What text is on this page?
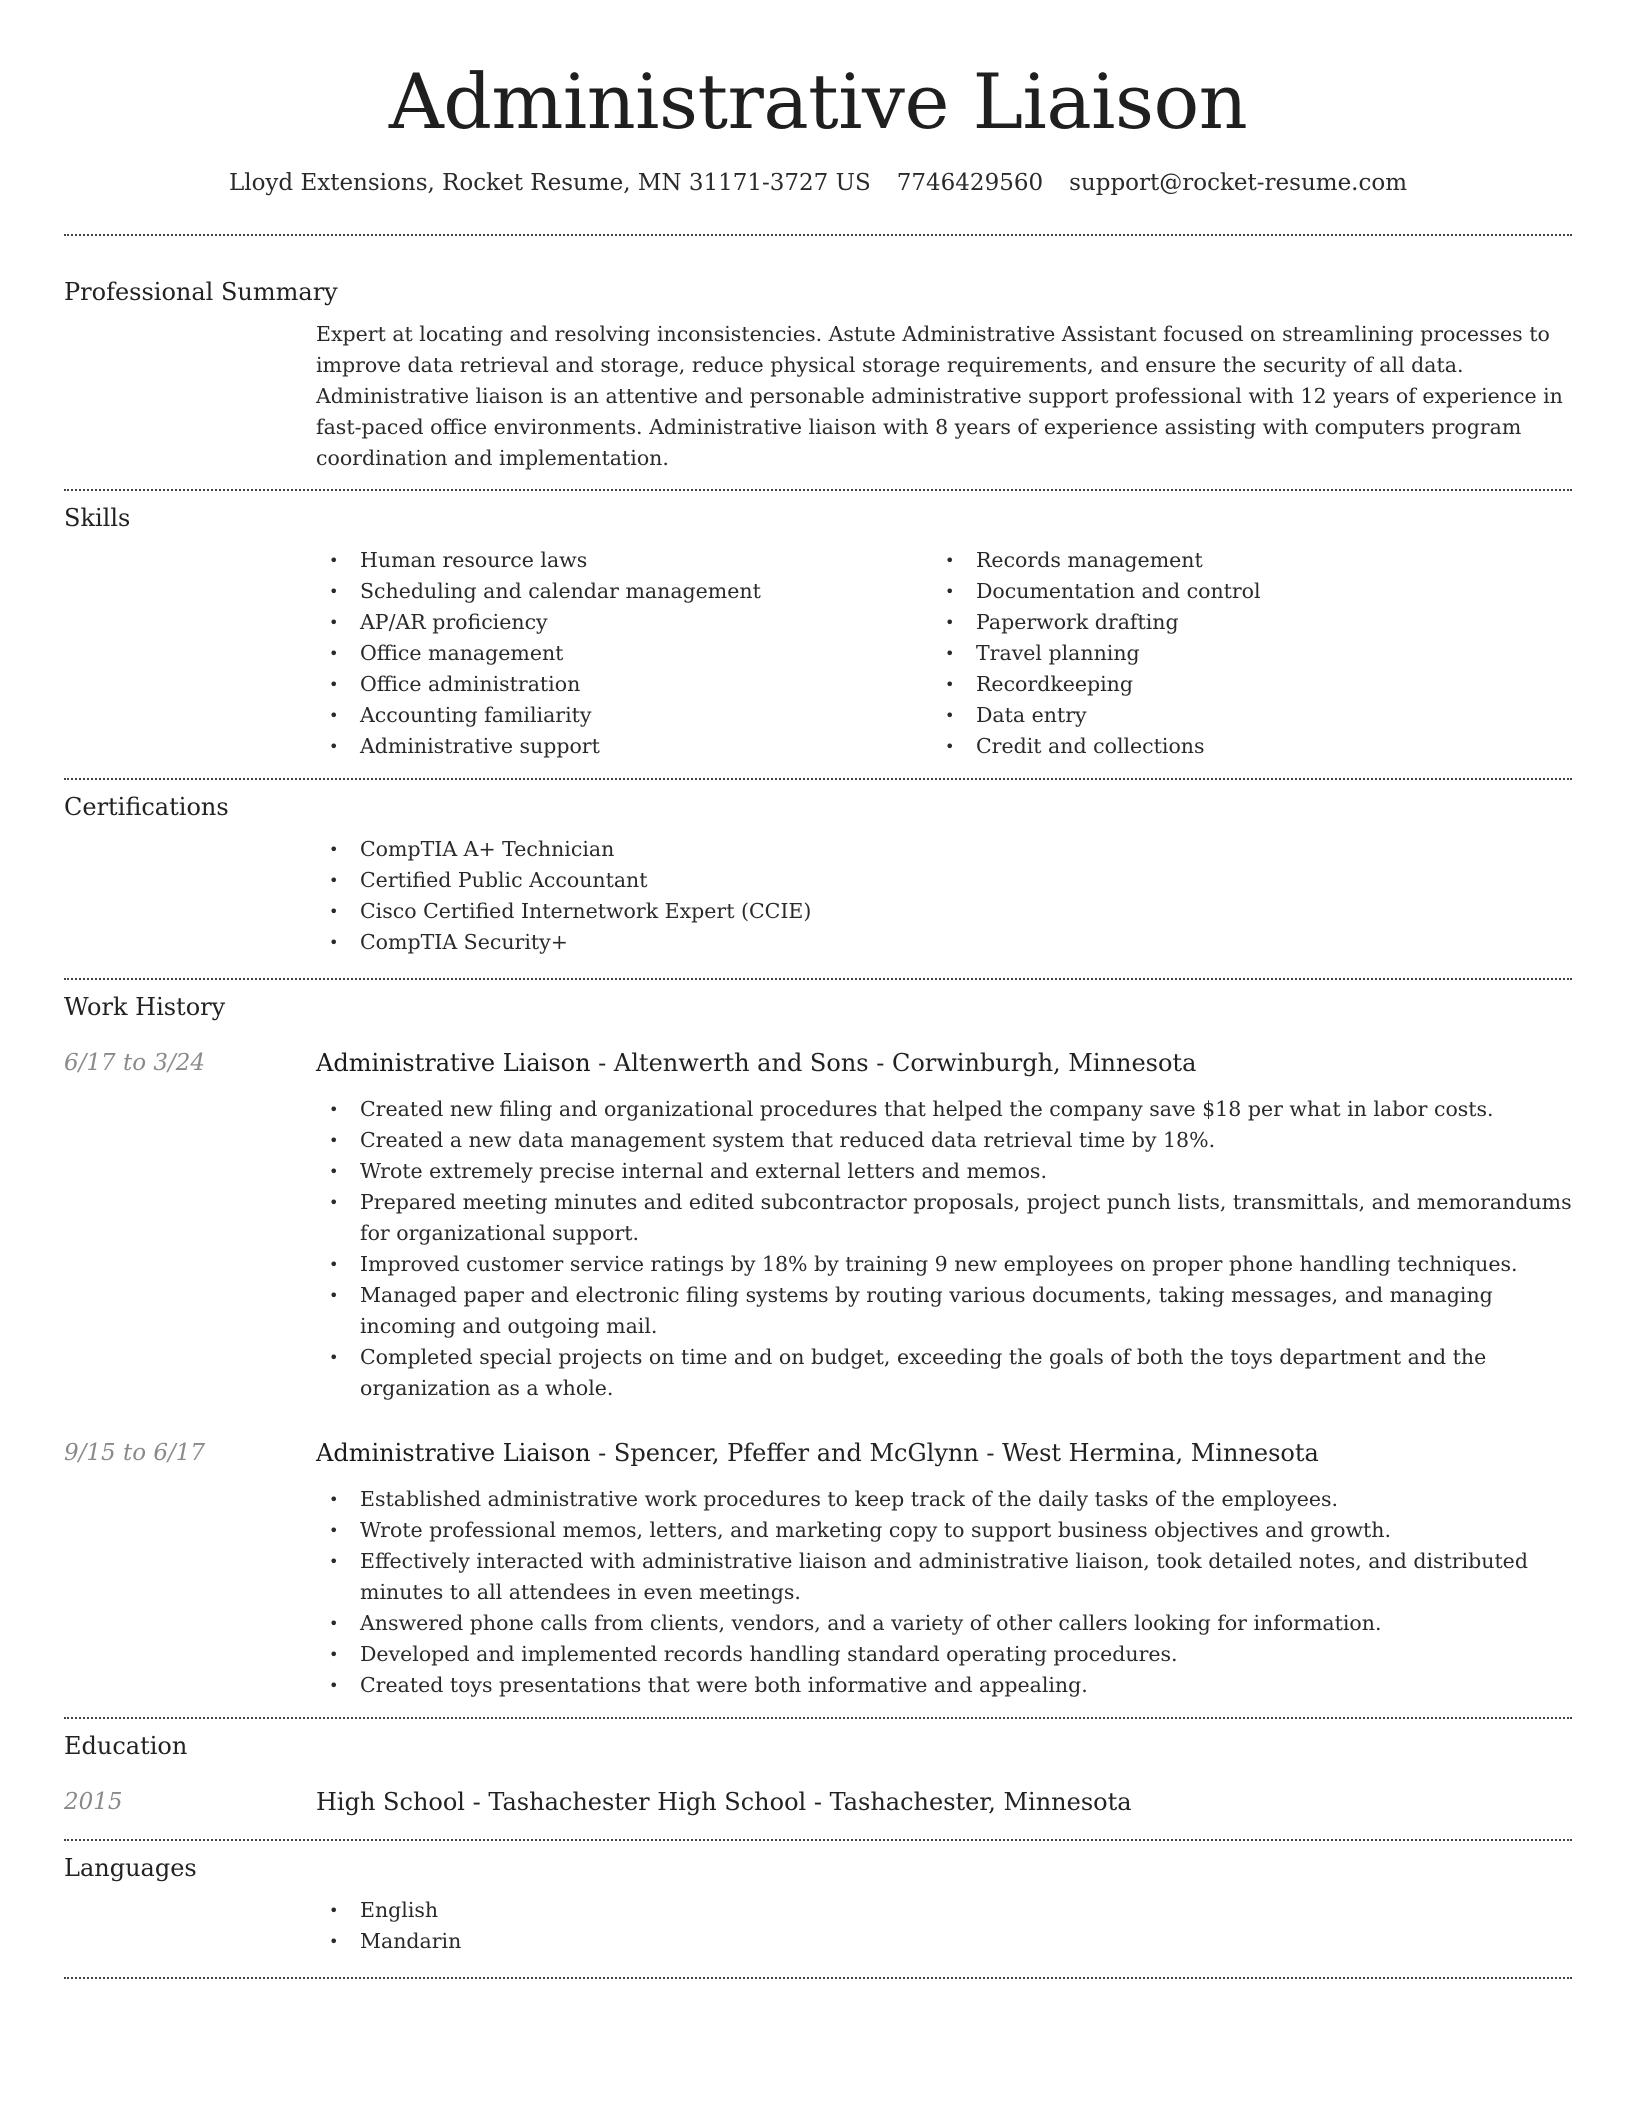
Administrative Liaison
Lloyd Extensions, Rocket Resume, MN 31171-3727 US 7746429560 support@rocket-resume.com
Professional Summary

Expert at locating and resolving inconsistencies. Astute Administrative Assistant focused on streamlining processes to improve data retrieval and storage, reduce physical storage requirements, and ensure the security of all data. Administrative liaison is an attentive and personable administrative support professional with 12 years of experience in fast-paced office environments. Administrative liaison with 8 years of experience assisting with computers program coordination and implementation.

Skills
• Human resource laws
• Scheduling and calendar management
• AP/AR proficiency
• Office management
• Office administration
• Accounting familiarity
• Administrative support
• Records management
• Documentation and control
• Paperwork drafting
• Travel planning
• Recordkeeping
• Data entry
• Credit and collections
Certifications
• CompTIA A+ Technician
• Certified Public Accountant
• Cisco Certified Internetwork Expert (CCIE)
• CompTIA Security+
Work History
6/17 to 3/24	Administrative Liaison - Altenwerth and Sons - Corwinburgh, Minnesota
• Created new filing and organizational procedures that helped the company save $18 per what in labor costs.
• Created a new data management system that reduced data retrieval time by 18%.
• Wrote extremely precise internal and external letters and memos.
• Prepared meeting minutes and edited subcontractor proposals, project punch lists, transmittals, and memorandums for organizational support.
• Improved customer service ratings by 18% by training 9 new employees on proper phone handling techniques.
• Managed paper and electronic filing systems by routing various documents, taking messages, and managing incoming and outgoing mail.
• Completed special projects on time and on budget, exceeding the goals of both the toys department and the organization as a whole.
9/15 to 6/17	Administrative Liaison - Spencer, Pfeffer and McGlynn - West Hermina, Minnesota
• Established administrative work procedures to keep track of the daily tasks of the employees.
• Wrote professional memos, letters, and marketing copy to support business objectives and growth.
• Effectively interacted with administrative liaison and administrative liaison, took detailed notes, and distributed minutes to all attendees in even meetings.
• Answered phone calls from clients, vendors, and a variety of other callers looking for information.
• Developed and implemented records handling standard operating procedures.
• Created toys presentations that were both informative and appealing.
Education
2015	High School - Tashachester High School - Tashachester, Minnesota
Languages
• English
• Mandarin
